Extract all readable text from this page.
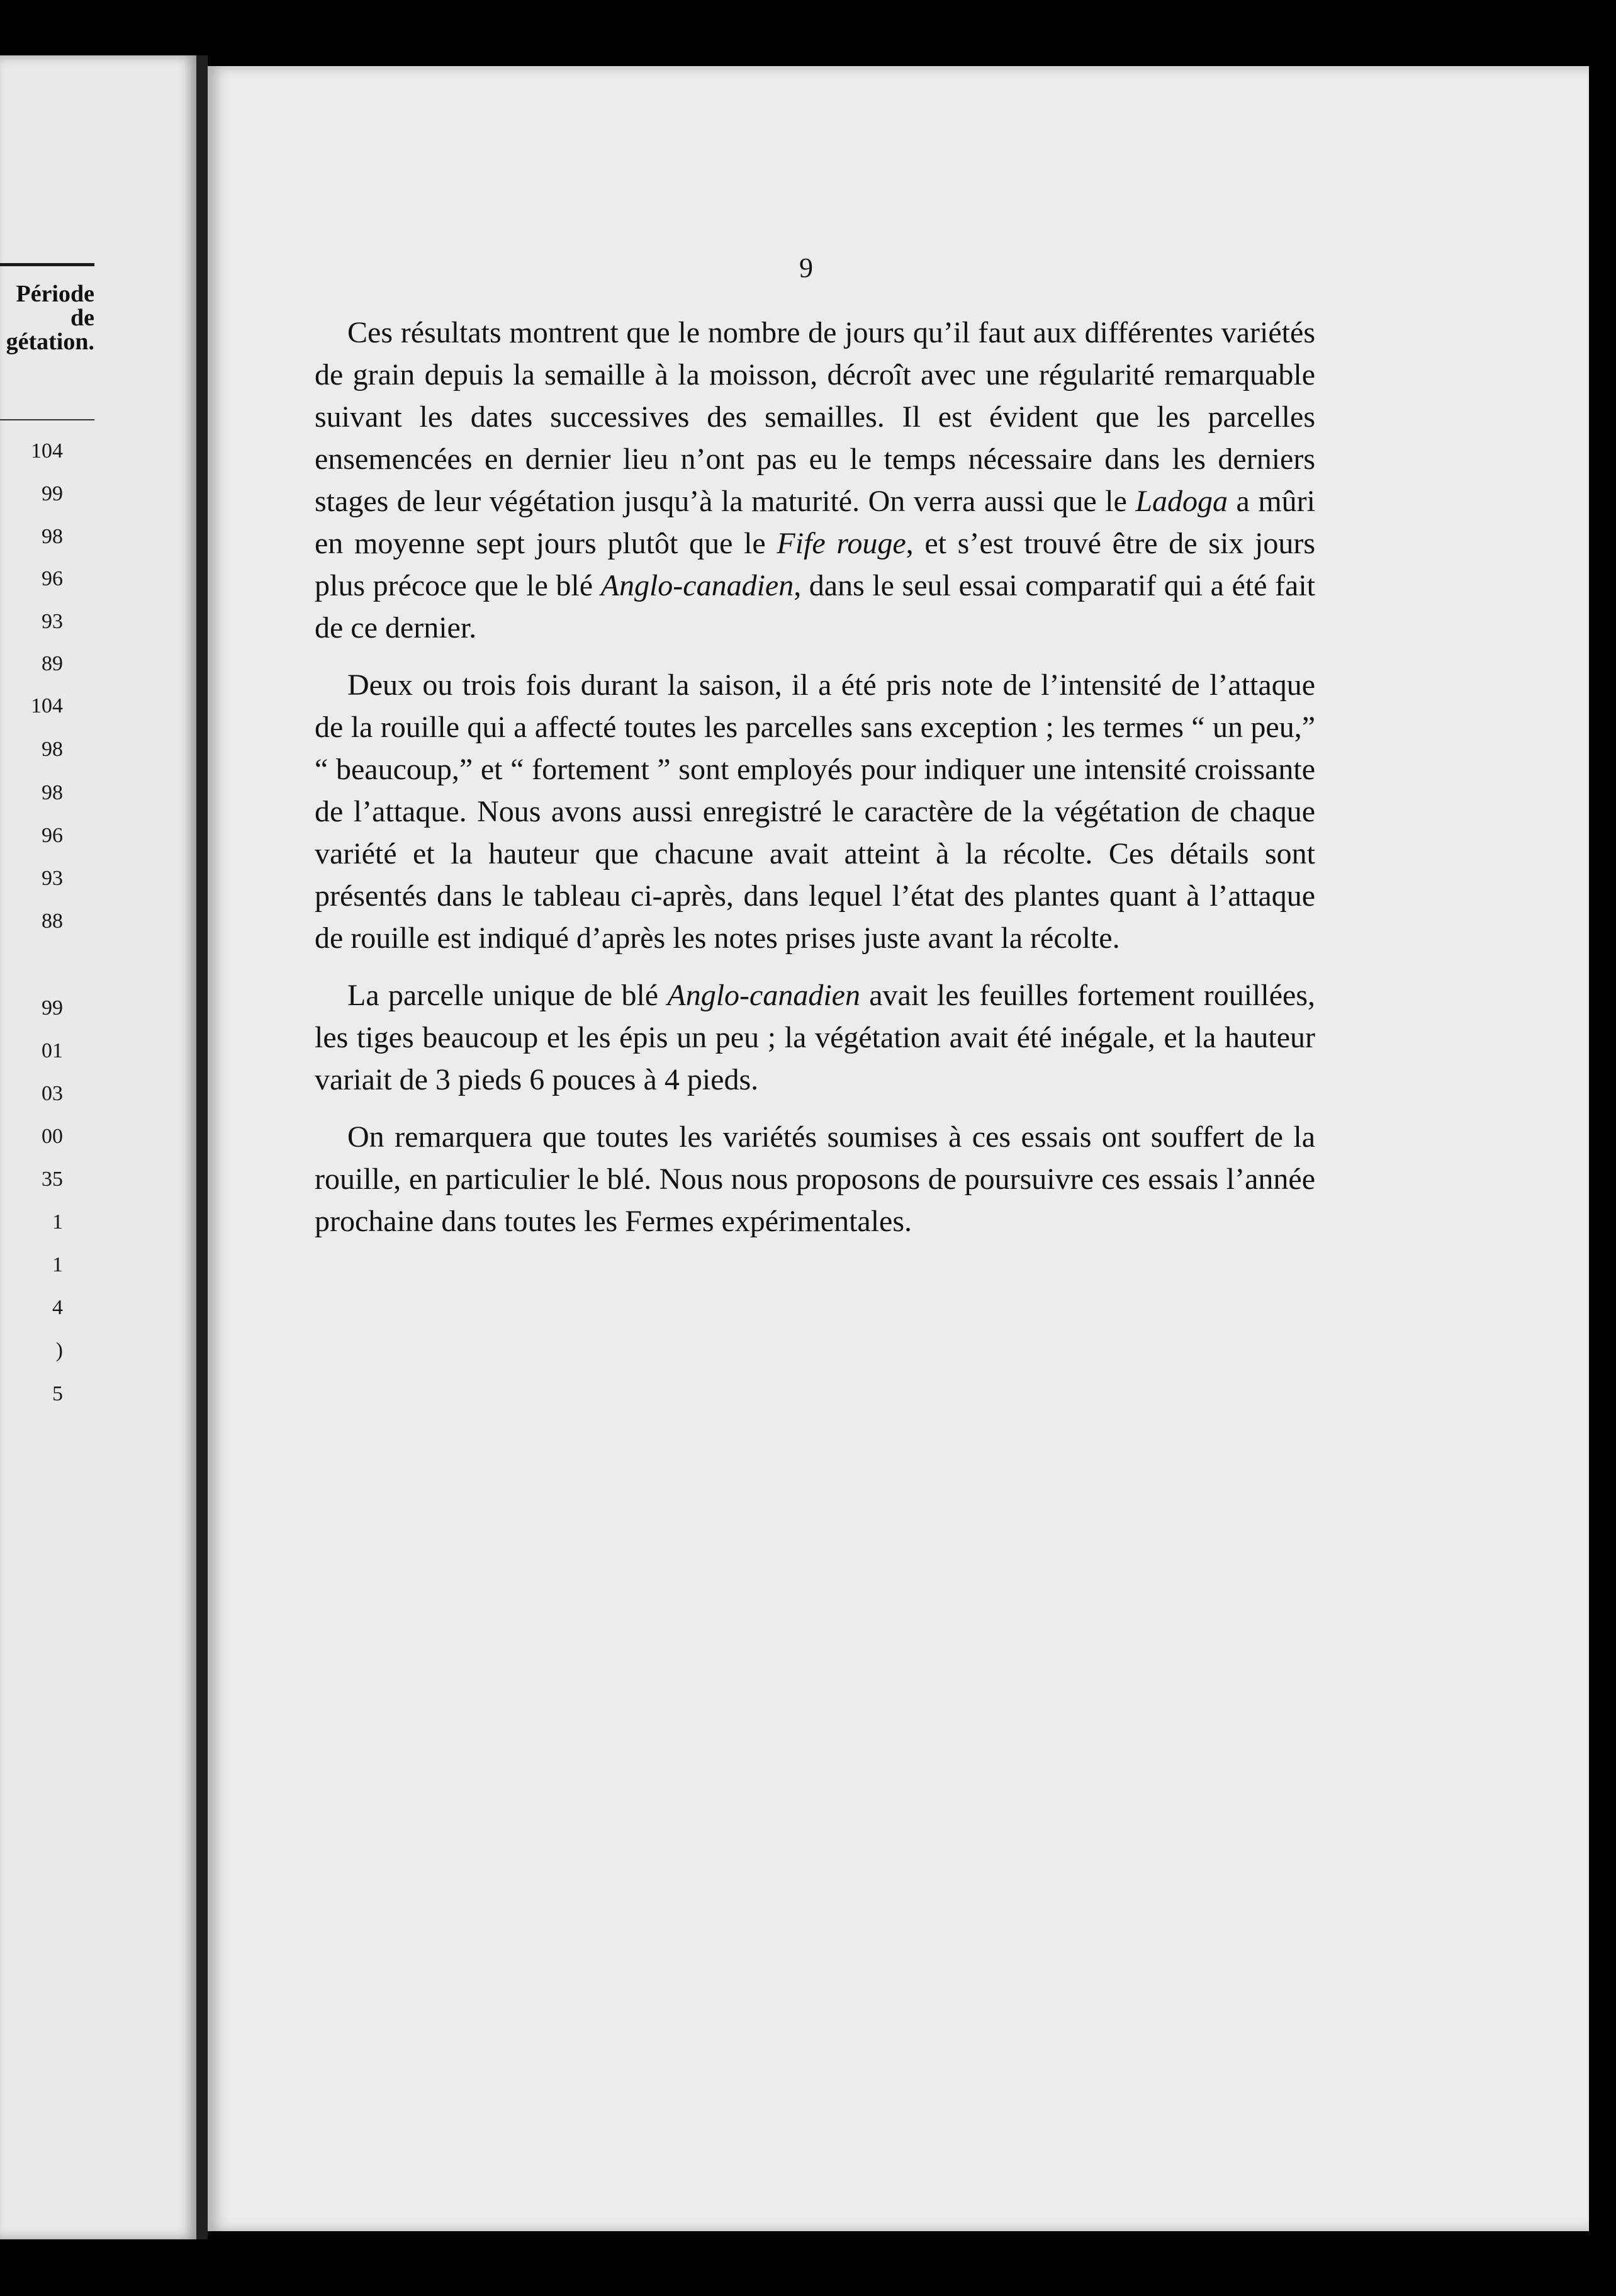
Période
de
gétation.
104
99
98
96
93
89
104
98
98
96
93
88
99
01
03
00
35
1
1
4
)
5
9

Ces résultats montrent que le nombre de jours qu’il faut aux différentes variétés de grain depuis la semaille à la moisson, décroît avec une régularité remarquable suivant les dates successives des semailles. Il est évident que les parcelles ensemencées en dernier lieu n’ont pas eu le temps nécessaire dans les derniers stages de leur végétation jusqu’à la maturité. On verra aussi que le Ladoga a mûri en moyenne sept jours plutôt que le Fife rouge, et s’est trouvé être de six jours plus précoce que le blé Anglo-canadien, dans le seul essai comparatif qui a été fait de ce dernier.

Deux ou trois fois durant la saison, il a été pris note de l’intensité de l’attaque de la rouille qui a affecté toutes les parcelles sans exception ; les termes “ un peu,” “ beaucoup,” et “ fortement ” sont employés pour indiquer une intensité croissante de l’attaque. Nous avons aussi enregistré le caractère de la végétation de chaque variété et la hauteur que chacune avait atteint à la récolte. Ces détails sont présentés dans le tableau ci-après, dans lequel l’état des plantes quant à l’attaque de rouille est indiqué d’après les notes prises juste avant la récolte.

La parcelle unique de blé Anglo-canadien avait les feuilles fortement rouillées, les tiges beaucoup et les épis un peu ; la végétation avait été inégale, et la hauteur variait de 3 pieds 6 pouces à 4 pieds.

On remarquera que toutes les variétés soumises à ces essais ont souffert de la rouille, en particulier le blé. Nous nous proposons de poursuivre ces essais l’année prochaine dans toutes les Fermes expérimentales.
